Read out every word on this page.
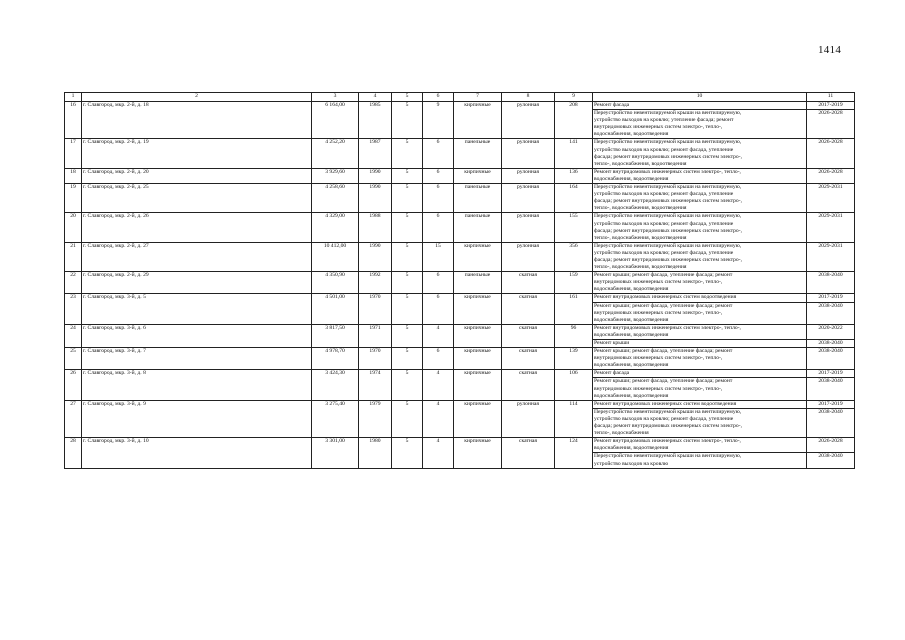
1414
1	2	3	4	5	6	7	8	9	10	11
16	г. Славгород, мкр. 2-й, д. 18	6 164,00	1985	5	9	кирпичные	рулонная	208	Ремонт фасада	2017-2019

									Переустройство невентилируемой крыши на вентилируемую,
устройство выходов на кровлю; утепление фасада; ремонт
внутридомовых инженерных систем электро-, тепло-,
водоснабжения, водоотведения	2026-2028
17	г. Славгород, мкр. 2-й, д. 19	4 252,20	1987	5	6	панельные	рулонная	141	Переустройство невентилируемой крыши на вентилируемую,
устройство выходов на кровлю; ремонт фасада, утепление
фасада; ремонт внутридомовых инженерных систем электро-,
тепло-, водоснабжения, водоотведения	2026-2028
18	г. Славгород, мкр. 2-й, д. 20	3 929,60	1990	5	6	кирпичные	рулонная	136	Ремонт внутридомовых инженерных систем электро-, тепло-,
водоснабжения, водоотведения	2026-2028
19	г. Славгород, мкр. 2-й, д. 25	4 258,60	1990	5	6	панельные	рулонная	164	Переустройство невентилируемой крыши на вентилируемую,
устройство выходов на кровлю; ремонт фасада, утепление
фасада; ремонт внутридомовых инженерных систем электро-,
тепло-, водоснабжения, водоотведения	2029-2031
20	г. Славгород, мкр. 2-й, д. 26	4 329,00	1988	5	6	панельные	рулонная	155	Переустройство невентилируемой крыши на вентилируемую,
устройство выходов на кровлю; ремонт фасада, утепление
фасада; ремонт внутридомовых инженерных систем электро-,
тепло-, водоснабжения, водоотведения	2029-2031
21	г. Славгород, мкр. 2-й, д. 27	10 412,00	1990	5	15	кирпичные	рулонная	356	Переустройство невентилируемой крыши на вентилируемую,
устройство выходов на кровлю; ремонт фасада, утепление
фасада; ремонт внутридомовых инженерных систем электро-,
тепло-, водоснабжения, водоотведения	2029-2031
22	г. Славгород, мкр. 2-й, д. 29	4 350,90	1992	5	6	панельные	скатная	159	Ремонт крыши; ремонт фасада, утепление фасада; ремонт
внутридомовых инженерных систем электро-, тепло-,
водоснабжения, водоотведения	2038-2040
23	г. Славгород, мкр. 3-й, д. 5	4 501,00	1970	5	6	кирпичные	скатная	161	Ремонт внутридомовых инженерных систем водоотведения	2017-2019

									Ремонт крыши; ремонт фасада, утепление фасада; ремонт
внутридомовых инженерных систем электро-, тепло-,
водоснабжения, водоотведения	2038-2040
24	г. Славгород, мкр. 3-й, д. 6	3 817,50	1971	5	4	кирпичные	скатная	96	Ремонт внутридомовых инженерных систем электро-, тепло-,
водоснабжения, водоотведения	2020-2022

									Ремонт крыши	2038-2040
25	г. Славгород, мкр. 3-й, д. 7	4 978,70	1970	5	6	кирпичные	скатная	139	Ремонт крыши; ремонт фасада, утепление фасада; ремонт
внутридомовых инженерных систем электро-, тепло-,
водоснабжения, водоотведения	2038-2040
26	г. Славгород, мкр. 3-й, д. 8	3 424,30	1974	5	4	кирпичные	скатная	106	Ремонт фасада	2017-2019

									Ремонт крыши; ремонт фасада, утепление фасада; ремонт
внутридомовых инженерных систем электро-, тепло-,
водоснабжения, водоотведения	2038-2040
27	г. Славгород, мкр. 3-й, д. 9	3 275,40	1979	5	4	кирпичные	рулонная	114	Ремонт внутридомовых инженерных систем водоотведения	2017-2019

									Переустройство невентилируемой крыши на вентилируемую,
устройство выходов на кровлю; ремонт фасада, утепление
фасада; ремонт внутридомовых инженерных систем электро-,
тепло-, водоснабжения	2038-2040
28	г. Славгород, мкр. 3-й, д. 10	3 301,00	1980	5	4	кирпичные	скатная	124	Ремонт внутридомовых инженерных систем электро-, тепло-,
водоснабжения, водоотведения	2026-2028

									Переустройство невентилируемой крыши на вентилируемую,
устройство выходов на кровлю	2038-2040
